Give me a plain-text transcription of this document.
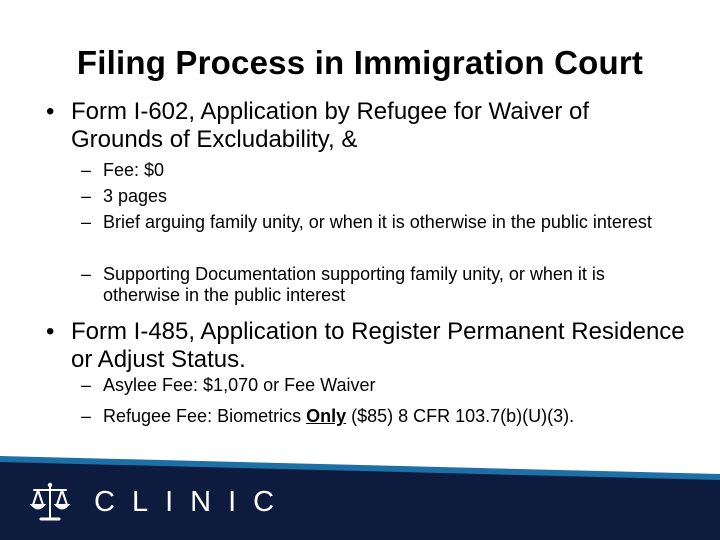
Filing Process in Immigration Court
• Form I-602, Application by Refugee for Waiver of Grounds of Excludability, &
– Fee: $0
– 3 pages
– Brief arguing family unity, or when it is otherwise in the public interest
– Supporting Documentation supporting family unity, or when it is otherwise in the public interest
• Form I-485, Application to Register Permanent Residence or Adjust Status.
– Asylee Fee: $1,070 or Fee Waiver
– Refugee Fee: Biometrics Only ($85) 8 CFR 103.7(b)(U)(3).
CLINIC
